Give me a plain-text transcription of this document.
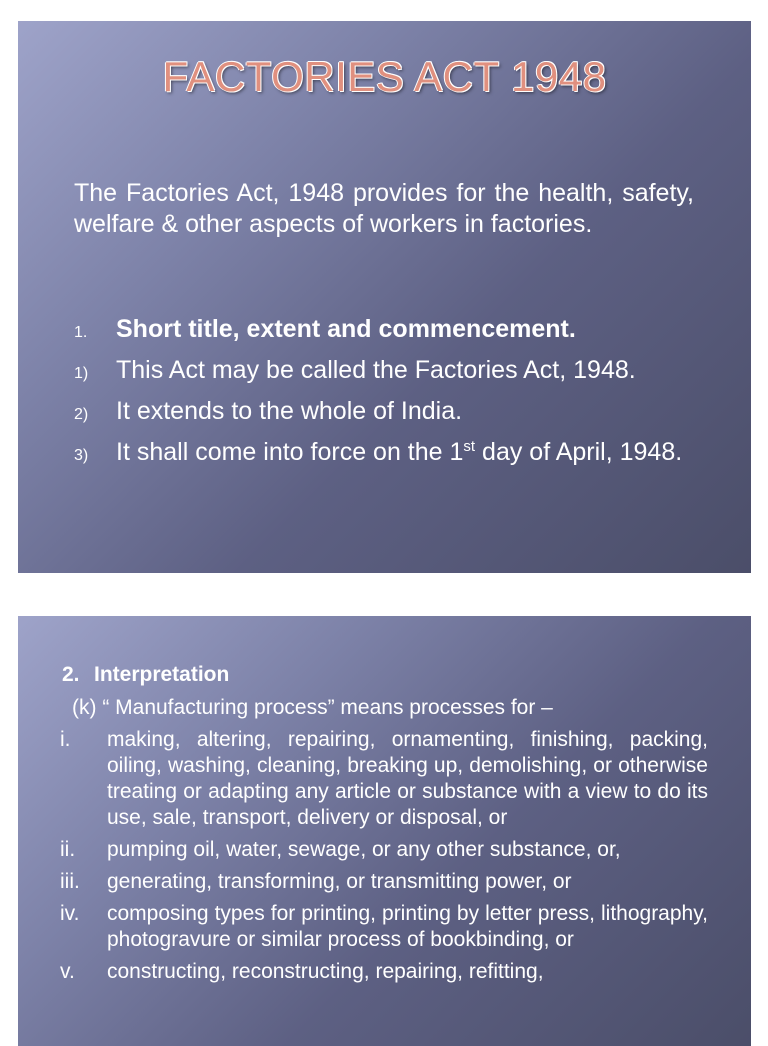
FACTORIES ACT 1948

The Factories Act, 1948 provides for the health, safety, welfare & other aspects of workers in factories.

1.	Short title, extent and commencement.
1)	This Act may be called the Factories Act, 1948.
2)	It extends to the whole of India.
3)	It shall come into force on the 1st day of April, 1948.
2. Interpretation
(k) “ Manufacturing process” means processes for –
i.	making, altering, repairing, ornamenting, finishing, packing, oiling, washing, cleaning, breaking up, demolishing, or otherwise treating or adapting any article or substance with a view to do its use, sale, transport, delivery or disposal, or
ii.	pumping oil, water, sewage, or any other substance, or,
iii.	generating, transforming, or transmitting power, or
iv.	composing types for printing, printing by letter press, lithography, photogravure or similar process of bookbinding, or
v.	constructing, reconstructing, repairing, refitting,
